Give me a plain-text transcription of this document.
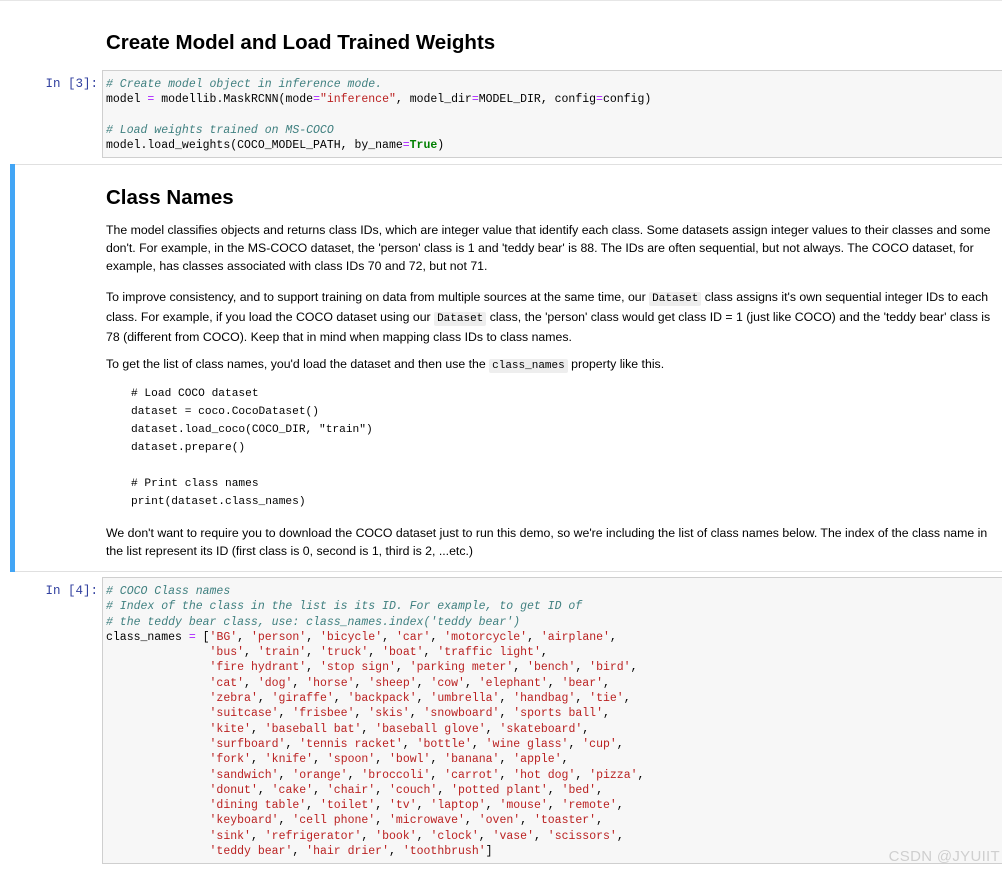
Create Model and Load Trained Weights
In [3]: # Create model object in inference mode.
model = modellib.MaskRCNN(mode="inference", model_dir=MODEL_DIR, config=config)
# Load weights trained on MS-COCO
model.load_weights(COCO_MODEL_PATH, by_name=True)
Class Names

The model classifies objects and returns class IDs, which are integer value that identify each class. Some datasets assign integer values to their classes and some don't. For example, in the MS-COCO dataset, the 'person' class is 1 and 'teddy bear' is 88. The IDs are often sequential, but not always. The COCO dataset, for example, has classes associated with class IDs 70 and 72, but not 71.

To improve consistency, and to support training on data from multiple sources at the same time, our Dataset class assigns it's own sequential integer IDs to each class. For example, if you load the COCO dataset using our Dataset class, the 'person' class would get class ID = 1 (just like COCO) and the 'teddy bear' class is 78 (different from COCO). Keep that in mind when mapping class IDs to class names.

To get the list of class names, you'd load the dataset and then use the class_names property like this.

# Load COCO dataset
dataset = coco.CocoDataset()
dataset.load_coco(COCO_DIR, "train")
dataset.prepare()
# Print class names
print(dataset.class_names)

We don't want to require you to download the COCO dataset just to run this demo, so we're including the list of class names below. The index of the class name in the list represent its ID (first class is 0, second is 1, third is 2, ...etc.)

In [4]: # COCO Class names
# Index of the class in the list is its ID. For example, to get ID of
# the teddy bear class, use: class_names.index('teddy bear')
class_names = ['BG', 'person', 'bicycle', 'car', 'motorcycle', 'airplane',
'bus', 'train', 'truck', 'boat', 'traffic light',
'fire hydrant', 'stop sign', 'parking meter', 'bench', 'bird',
'cat', 'dog', 'horse', 'sheep', 'cow', 'elephant', 'bear',
'zebra', 'giraffe', 'backpack', 'umbrella', 'handbag', 'tie',
'suitcase', 'frisbee', 'skis', 'snowboard', 'sports ball',
'kite', 'baseball bat', 'baseball glove', 'skateboard',
'surfboard', 'tennis racket', 'bottle', 'wine glass', 'cup',
'fork', 'knife', 'spoon', 'bowl', 'banana', 'apple',
'sandwich', 'orange', 'broccoli', 'carrot', 'hot dog', 'pizza',
'donut', 'cake', 'chair', 'couch', 'potted plant', 'bed',
'dining table', 'toilet', 'tv', 'laptop', 'mouse', 'remote',
'keyboard', 'cell phone', 'microwave', 'oven', 'toaster',
'sink', 'refrigerator', 'book', 'clock', 'vase', 'scissors',
'teddy bear', 'hair drier', 'toothbrush']	CSDN @JYUIIT
